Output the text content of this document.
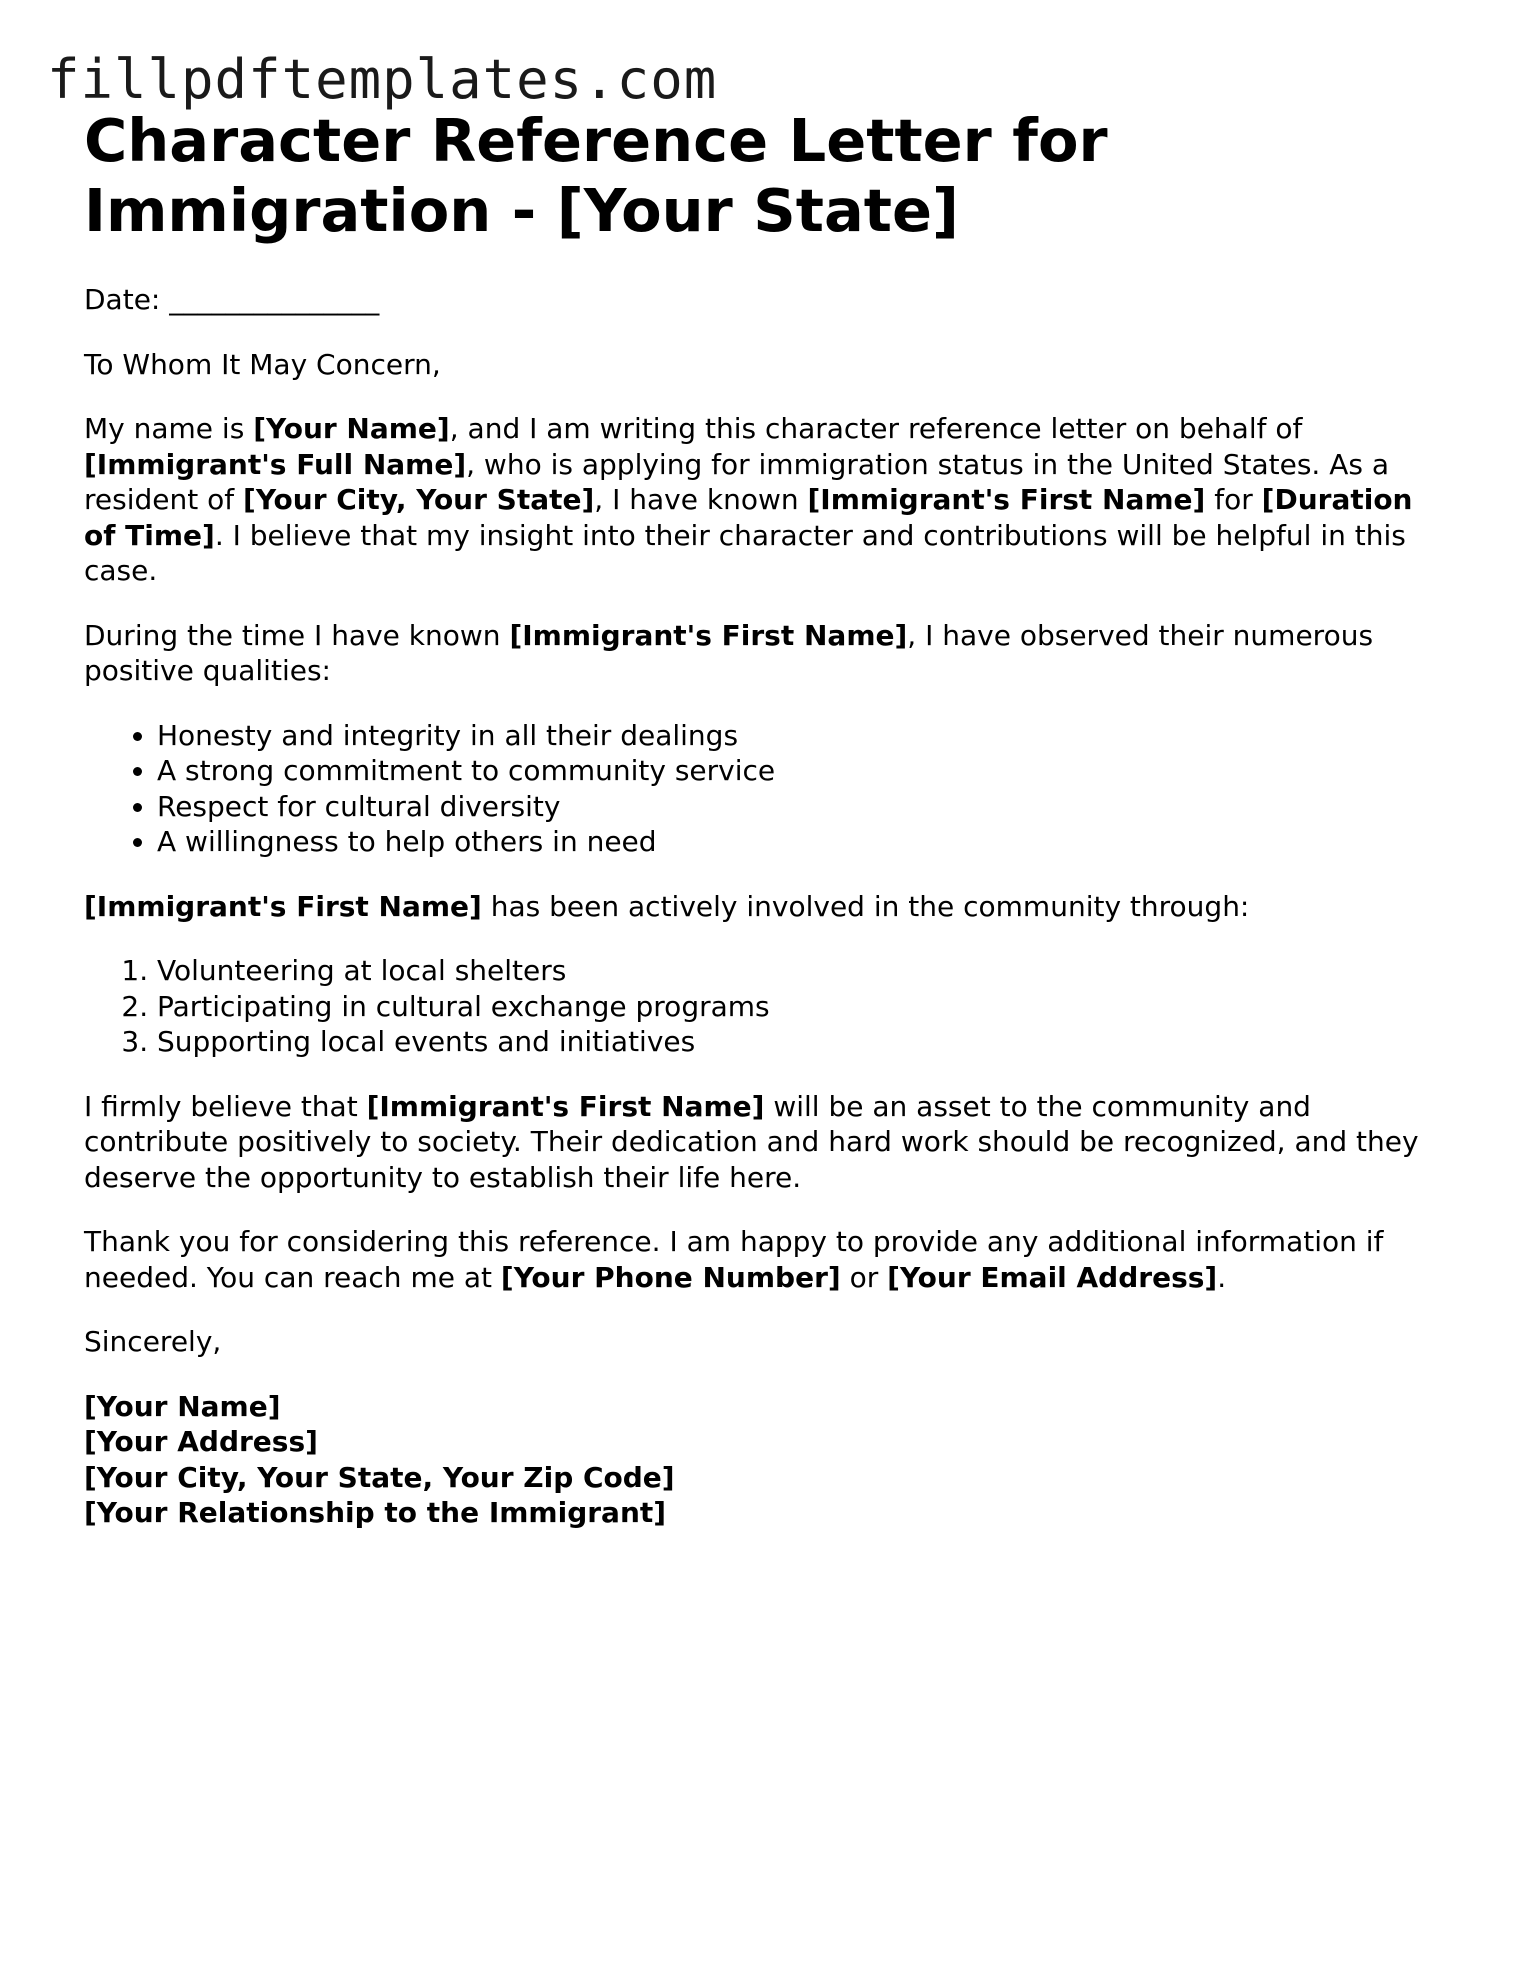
fillpdftemplates.com
Character Reference Letter for Immigration - [Your State]

Date: _______________

To Whom It May Concern,

My name is [Your Name], and I am writing this character reference letter on behalf of [Immigrant's Full Name], who is applying for immigration status in the United States. As a resident of [Your City, Your State], I have known [Immigrant's First Name] for [Duration of Time]. I believe that my insight into their character and contributions will be helpful in this case.

During the time I have known [Immigrant's First Name], I have observed their numerous positive qualities:

• Honesty and integrity in all their dealings
• A strong commitment to community service
• Respect for cultural diversity
• A willingness to help others in need

[Immigrant's First Name] has been actively involved in the community through:

1. Volunteering at local shelters
2. Participating in cultural exchange programs
3. Supporting local events and initiatives

I firmly believe that [Immigrant's First Name] will be an asset to the community and contribute positively to society. Their dedication and hard work should be recognized, and they deserve the opportunity to establish their life here.

Thank you for considering this reference. I am happy to provide any additional information if needed. You can reach me at [Your Phone Number] or [Your Email Address].

Sincerely,

[Your Name]
[Your Address]
[Your City, Your State, Your Zip Code]
[Your Relationship to the Immigrant]
